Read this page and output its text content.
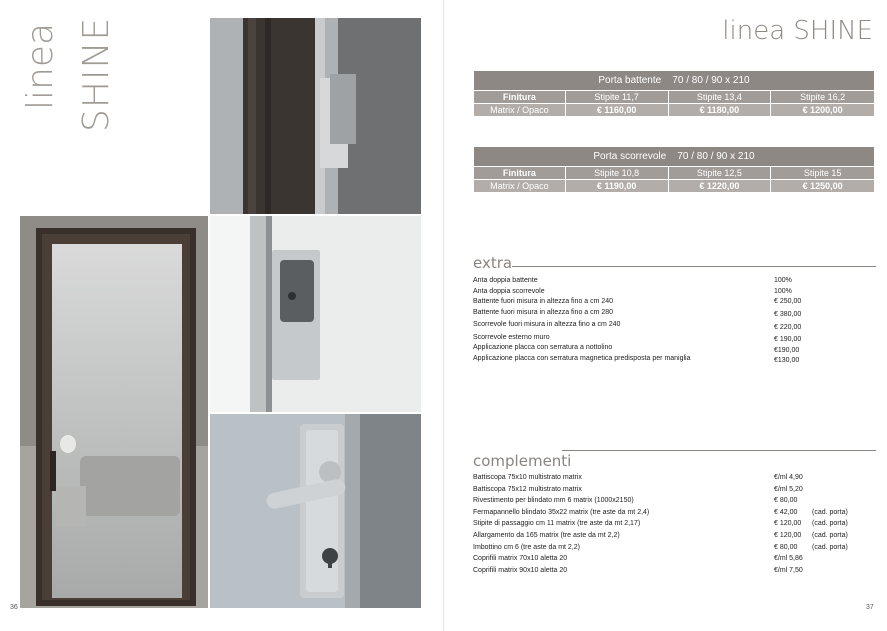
linea SHINE
36
linea SHINE
Porta battente 70 / 80 / 90 x 210			
Finitura	Stipite 11,7	Stipite 13,4	Stipite 16,2
Matrix / Opaco	€ 1160,00	€ 1180,00	€ 1200,00
Porta scorrevole 70 / 80 / 90 x 210			
Finitura	Stipite 10,8	Stipite 12,5	Stipite 15
Matrix / Opaco	€ 1190,00	€ 1220,00	€ 1250,00
extra
Anta doppia battente	100%
Anta doppia scorrevole	100%
Battente fuori misura in altezza fino a cm 240	€ 250,00
Battente fuori misura in altezza fino a cm 280	€ 380,00
Scorrevole fuori misura in altezza fino a cm 240	€ 220,00
Scorrevole esterno muro	€ 190,00
Applicazione placca con serratura a nottolino	€190,00
Applicazione placca con serratura magnetica predisposta per maniglia	€130,00
complementi
Battiscopa 75x10 multistrato matrix	€/ml 4,90
Battiscopa 75x12 multistrato matrix	€/ml 5,20
Rivestimento per blindato mm 6 matrix (1000x2150)	€ 80,00
Fermapannello blindato 35x22 matrix (tre aste da mt 2,4)	€ 42,00 (cad. porta)
Stipite di passaggio cm 11 matrix (tre aste da mt 2,17)	€ 120,00 (cad. porta)
Allargamento da 165 matrix (tre aste da mt 2,2)	€ 120,00 (cad. porta)
Imbottino cm 6 (tre aste da mt 2,2)	€ 80,00 (cad. porta)
Coprifili matrix 70x10 aletta 20	€/ml 5,86
Coprifili matrix 90x10 aletta 20	€/ml 7,50
37
